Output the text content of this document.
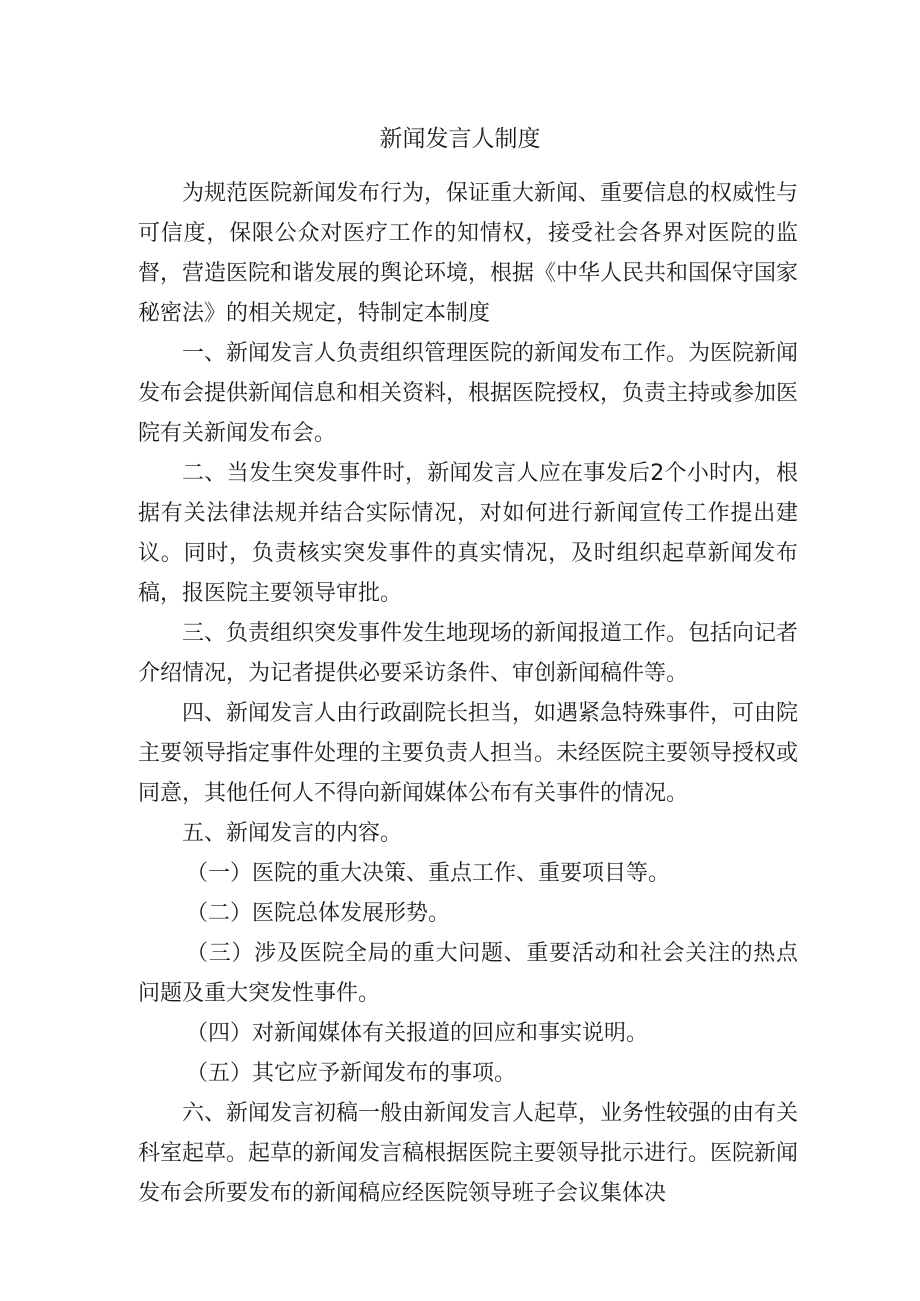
新闻发言人制度

为规范医院新闻发布行为，保证重大新闻、重要信息的权威性与可信度，保限公众对医疗工作的知情权，接受社会各界对医院的监督，营造医院和谐发展的舆论环境，根据《中华人民共和国保守国家秘密法》的相关规定，特制定本制度

一、新闻发言人负责组织管理医院的新闻发布工作。为医院新闻发布会提供新闻信息和相关资料，根据医院授权，负责主持或参加医院有关新闻发布会。

二、当发生突发事件时，新闻发言人应在事发后2个小时内，根据有关法律法规并结合实际情况，对如何进行新闻宣传工作提出建议。同时，负责核实突发事件的真实情况，及时组织起草新闻发布稿，报医院主要领导审批。

三、负责组织突发事件发生地现场的新闻报道工作。包括向记者介绍情况，为记者提供必要采访条件、审创新闻稿件等。

四、新闻发言人由行政副院长担当，如遇紧急特殊事件，可由院主要领导指定事件处理的主要负责人担当。未经医院主要领导授权或同意，其他任何人不得向新闻媒体公布有关事件的情况。

五、新闻发言的内容。

（一）医院的重大决策、重点工作、重要项目等。

（二）医院总体发展形势。

（三）涉及医院全局的重大问题、重要活动和社会关注的热点问题及重大突发性事件。

（四）对新闻媒体有关报道的回应和事实说明。

（五）其它应予新闻发布的事项。

六、新闻发言初稿一般由新闻发言人起草，业务性较强的由有关科室起草。起草的新闻发言稿根据医院主要领导批示进行。医院新闻发布会所要发布的新闻稿应经医院领导班子会议集体决
